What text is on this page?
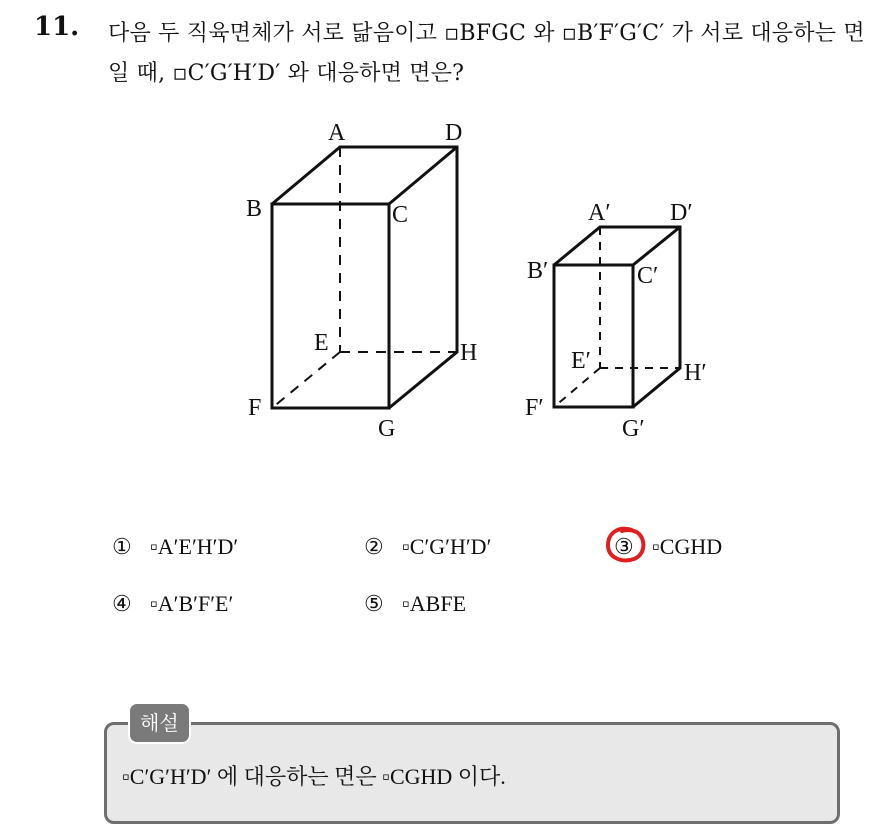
11. 다음 두 직육면체가 서로 닮음이고 ▫BFGC 와 ▫B′F′G′C′ 가 서로 대응하는 면일 때, ▫C′G′H′D′ 와 대응하면 면은?
A	D
B	C
E	H
F
G
A′ D′
B′	C′
E′	H′
F′
G′
① ▫A′E′H′D′	② ▫C′G′H′D′	③ ▫CGHD
④ ▫A′B′F′E′	⑤ ▫ABFE
해설
▫C′G′H′D′ 에 대응하는 면은 ▫CGHD 이다.
